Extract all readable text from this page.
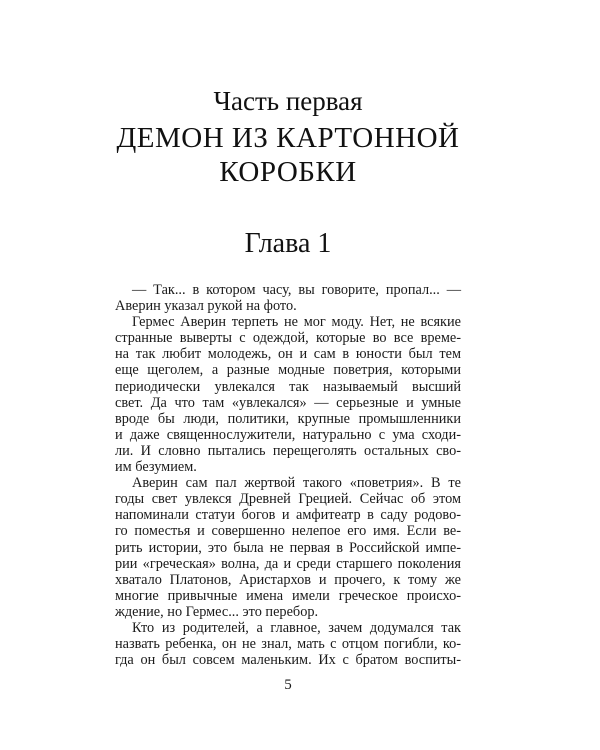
Часть первая
ДЕМОН ИЗ КАРТОННОЙ
КОРОБКИ
Глава 1
— Так... в котором часу, вы говорите, пропал... —
Аверин указал рукой на фото.
Гермес Аверин терпеть не мог моду. Нет, не всякие
странные выверты с одеждой, которые во все време-
на так любит молодежь, он и сам в юности был тем
еще щеголем, а разные модные поветрия, которыми
периодически увлекался так называемый высший
свет. Да что там «увлекался» — серьезные и умные
вроде бы люди, политики, крупные промышленники
и даже священнослужители, натурально с ума сходи-
ли. И словно пытались перещеголять остальных сво-
им безумием.
Аверин сам пал жертвой такого «поветрия». В те
годы свет увлекся Древней Грецией. Сейчас об этом
напоминали статуи богов и амфитеатр в саду родово-
го поместья и совершенно нелепое его имя. Если ве-
рить истории, это была не первая в Российской импе-
рии «греческая» волна, да и среди старшего поколения
хватало Платонов, Аристархов и прочего, к тому же
многие привычные имена имели греческое происхо-
ждение, но Гермес... это перебор.
Кто из родителей, а главное, зачем додумался так
назвать ребенка, он не знал, мать с отцом погибли, ко-
гда он был совсем маленьким. Их с братом воспиты-
5
